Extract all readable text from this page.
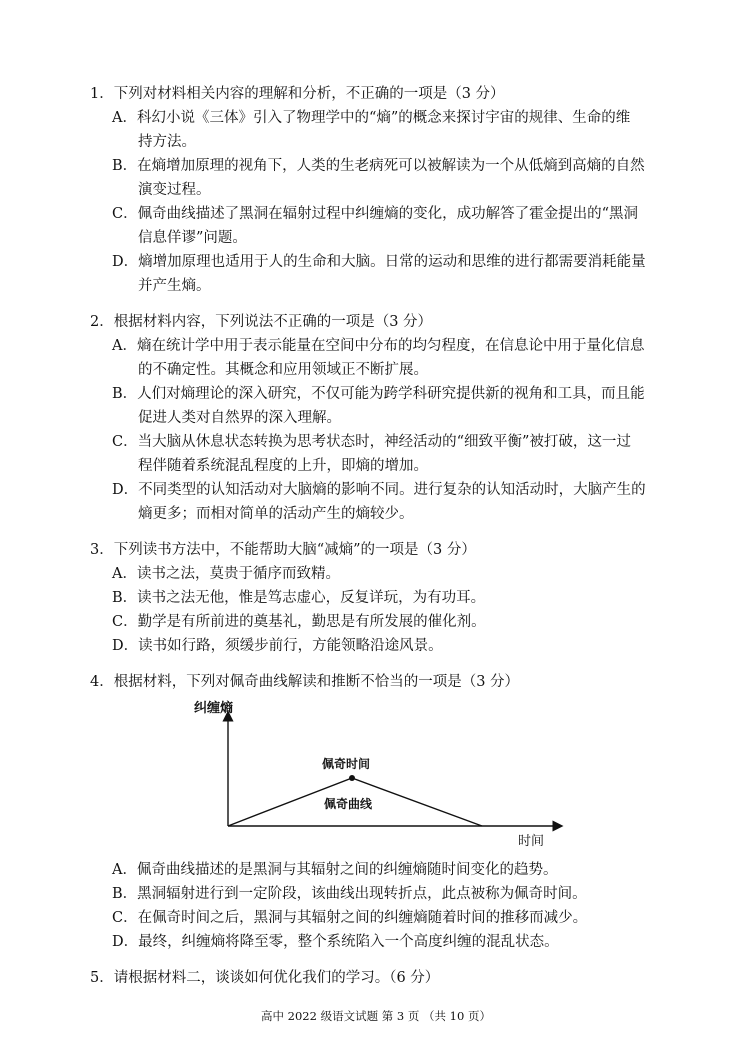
1．下列对材料相关内容的理解和分析，不正确的一项是（3 分）
A．科幻小说《三体》引入了物理学中的“熵”的概念来探讨宇宙的规律、生命的维
持方法。
B．在熵增加原理的视角下，人类的生老病死可以被解读为一个从低熵到高熵的自然
演变过程。
C．佩奇曲线描述了黑洞在辐射过程中纠缠熵的变化，成功解答了霍金提出的“黑洞
信息佯谬”问题。
D．熵增加原理也适用于人的生命和大脑。日常的运动和思维的进行都需要消耗能量
并产生熵。
2．根据材料内容，下列说法不正确的一项是（3 分）
A．熵在统计学中用于表示能量在空间中分布的均匀程度，在信息论中用于量化信息
的不确定性。其概念和应用领域正不断扩展。
B．人们对熵理论的深入研究，不仅可能为跨学科研究提供新的视角和工具，而且能
促进人类对自然界的深入理解。
C．当大脑从休息状态转换为思考状态时，神经活动的“细致平衡”被打破，这一过
程伴随着系统混乱程度的上升，即熵的增加。
D．不同类型的认知活动对大脑熵的影响不同。进行复杂的认知活动时，大脑产生的
熵更多；而相对简单的活动产生的熵较少。
3．下列读书方法中，不能帮助大脑“减熵”的一项是（3 分）
A．读书之法，莫贵于循序而致精。
B．读书之法无他，惟是笃志虚心，反复详玩，为有功耳。
C．勤学是有所前进的奠基礼，勤思是有所发展的催化剂。
D．读书如行路，须缓步前行，方能领略沿途风景。
4．根据材料，下列对佩奇曲线解读和推断不恰当的一项是（3 分）
纠缠熵
佩奇时间
佩奇曲线
时间
A．佩奇曲线描述的是黑洞与其辐射之间的纠缠熵随时间变化的趋势。
B．黑洞辐射进行到一定阶段，该曲线出现转折点，此点被称为佩奇时间。
C．在佩奇时间之后，黑洞与其辐射之间的纠缠熵随着时间的推移而减少。
D．最终，纠缠熵将降至零，整个系统陷入一个高度纠缠的混乱状态。
5．请根据材料二，谈谈如何优化我们的学习。（6 分）
高中 2022 级语文试题 第 3 页 （共 10 页）
